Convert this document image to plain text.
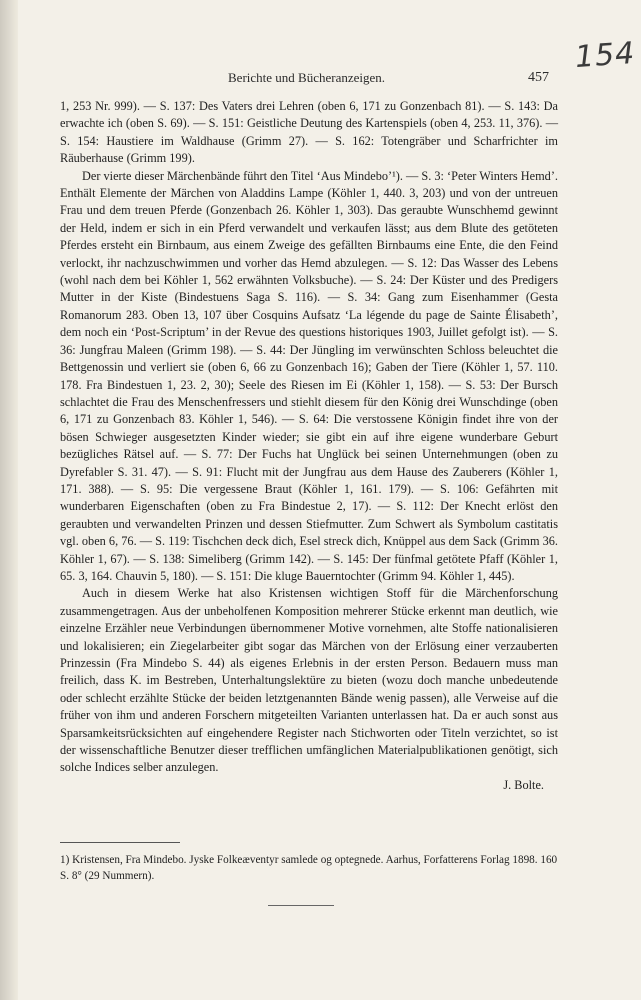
154
Berichte und Bücheranzeigen.	457

1, 253 Nr. 999). — S. 137: Des Vaters drei Lehren (oben 6, 171 zu Gonzenbach 81). — S. 143: Da erwachte ich (oben S. 69). — S. 151: Geistliche Deutung des Kartenspiels (oben 4, 253. 11, 376). — S. 154: Haustiere im Waldhause (Grimm 27). — S. 162: Totengräber und Scharfrichter im Räuberhause (Grimm 199).

Der vierte dieser Märchenbände führt den Titel ‘Aus Mindebo’¹). — S. 3: ‘Peter Winters Hemd’. Enthält Elemente der Märchen von Aladdins Lampe (Köhler 1, 440. 3, 203) und von der untreuen Frau und dem treuen Pferde (Gonzenbach 26. Köhler 1, 303). Das geraubte Wunschhemd gewinnt der Held, indem er sich in ein Pferd verwandelt und verkaufen lässt; aus dem Blute des getöteten Pferdes ersteht ein Birnbaum, aus einem Zweige des gefällten Birnbaums eine Ente, die den Feind verlockt, ihr nachzuschwimmen und vorher das Hemd abzulegen. — S. 12: Das Wasser des Lebens (wohl nach dem bei Köhler 1, 562 erwähnten Volksbuche). — S. 24: Der Küster und des Predigers Mutter in der Kiste (Bindestuens Saga S. 116). — S. 34: Gang zum Eisenhammer (Gesta Romanorum 283. Oben 13, 107 über Cosquins Aufsatz ‘La légende du page de Sainte Élisabeth’, dem noch ein ‘Post-Scriptum’ in der Revue des questions historiques 1903, Juillet gefolgt ist). — S. 36: Jungfrau Maleen (Grimm 198). — S. 44: Der Jüngling im verwünschten Schloss beleuchtet die Bettgenossin und verliert sie (oben 6, 66 zu Gonzenbach 16); Gaben der Tiere (Köhler 1, 57. 110. 178. Fra Bindestuen 1, 23. 2, 30); Seele des Riesen im Ei (Köhler 1, 158). — S. 53: Der Bursch schlachtet die Frau des Menschenfressers und stiehlt diesem für den König drei Wunschdinge (oben 6, 171 zu Gonzenbach 83. Köhler 1, 546). — S. 64: Die verstossene Königin findet ihre von der bösen Schwieger ausgesetzten Kinder wieder; sie gibt ein auf ihre eigene wunderbare Geburt bezügliches Rätsel auf. — S. 77: Der Fuchs hat Unglück bei seinen Unternehmungen (oben zu Dyrefabler S. 31. 47). — S. 91: Flucht mit der Jungfrau aus dem Hause des Zauberers (Köhler 1, 171. 388). — S. 95: Die vergessene Braut (Köhler 1, 161. 179). — S. 106: Gefährten mit wunderbaren Eigenschaften (oben zu Fra Bindestue 2, 17). — S. 112: Der Knecht erlöst den geraubten und verwandelten Prinzen und dessen Stiefmutter. Zum Schwert als Symbolum castitatis vgl. oben 6, 76. — S. 119: Tischchen deck dich, Esel streck dich, Knüppel aus dem Sack (Grimm 36. Köhler 1, 67). — S. 138: Simeliberg (Grimm 142). — S. 145: Der fünfmal getötete Pfaff (Köhler 1, 65. 3, 164. Chauvin 5, 180). — S. 151: Die kluge Bauerntochter (Grimm 94. Köhler 1, 445).

Auch in diesem Werke hat also Kristensen wichtigen Stoff für die Märchenforschung zusammengetragen. Aus der unbeholfenen Komposition mehrerer Stücke erkennt man deutlich, wie einzelne Erzähler neue Verbindungen übernommener Motive vornehmen, alte Stoffe nationalisieren und lokalisieren; ein Ziegelarbeiter gibt sogar das Märchen von der Erlösung einer verzauberten Prinzessin (Fra Mindebo S. 44) als eigenes Erlebnis in der ersten Person. Bedauern muss man freilich, dass K. im Bestreben, Unterhaltungslektüre zu bieten (wozu doch manche unbedeutende oder schlecht erzählte Stücke der beiden letztgenannten Bände wenig passen), alle Verweise auf die früher von ihm und anderen Forschern mitgeteilten Varianten unterlassen hat. Da er auch sonst aus Sparsamkeitsrücksichten auf eingehendere Register nach Stichworten oder Titeln verzichtet, so ist der wissenschaftliche Benutzer dieser trefflichen umfänglichen Materialpublikationen genötigt, sich solche Indices selber anzulegen.
J. Bolte.

1) Kristensen, Fra Mindebo. Jyske Folkeæventyr samlede og optegnede. Aarhus, Forfatterens Forlag 1898. 160 S. 8° (29 Nummern).
